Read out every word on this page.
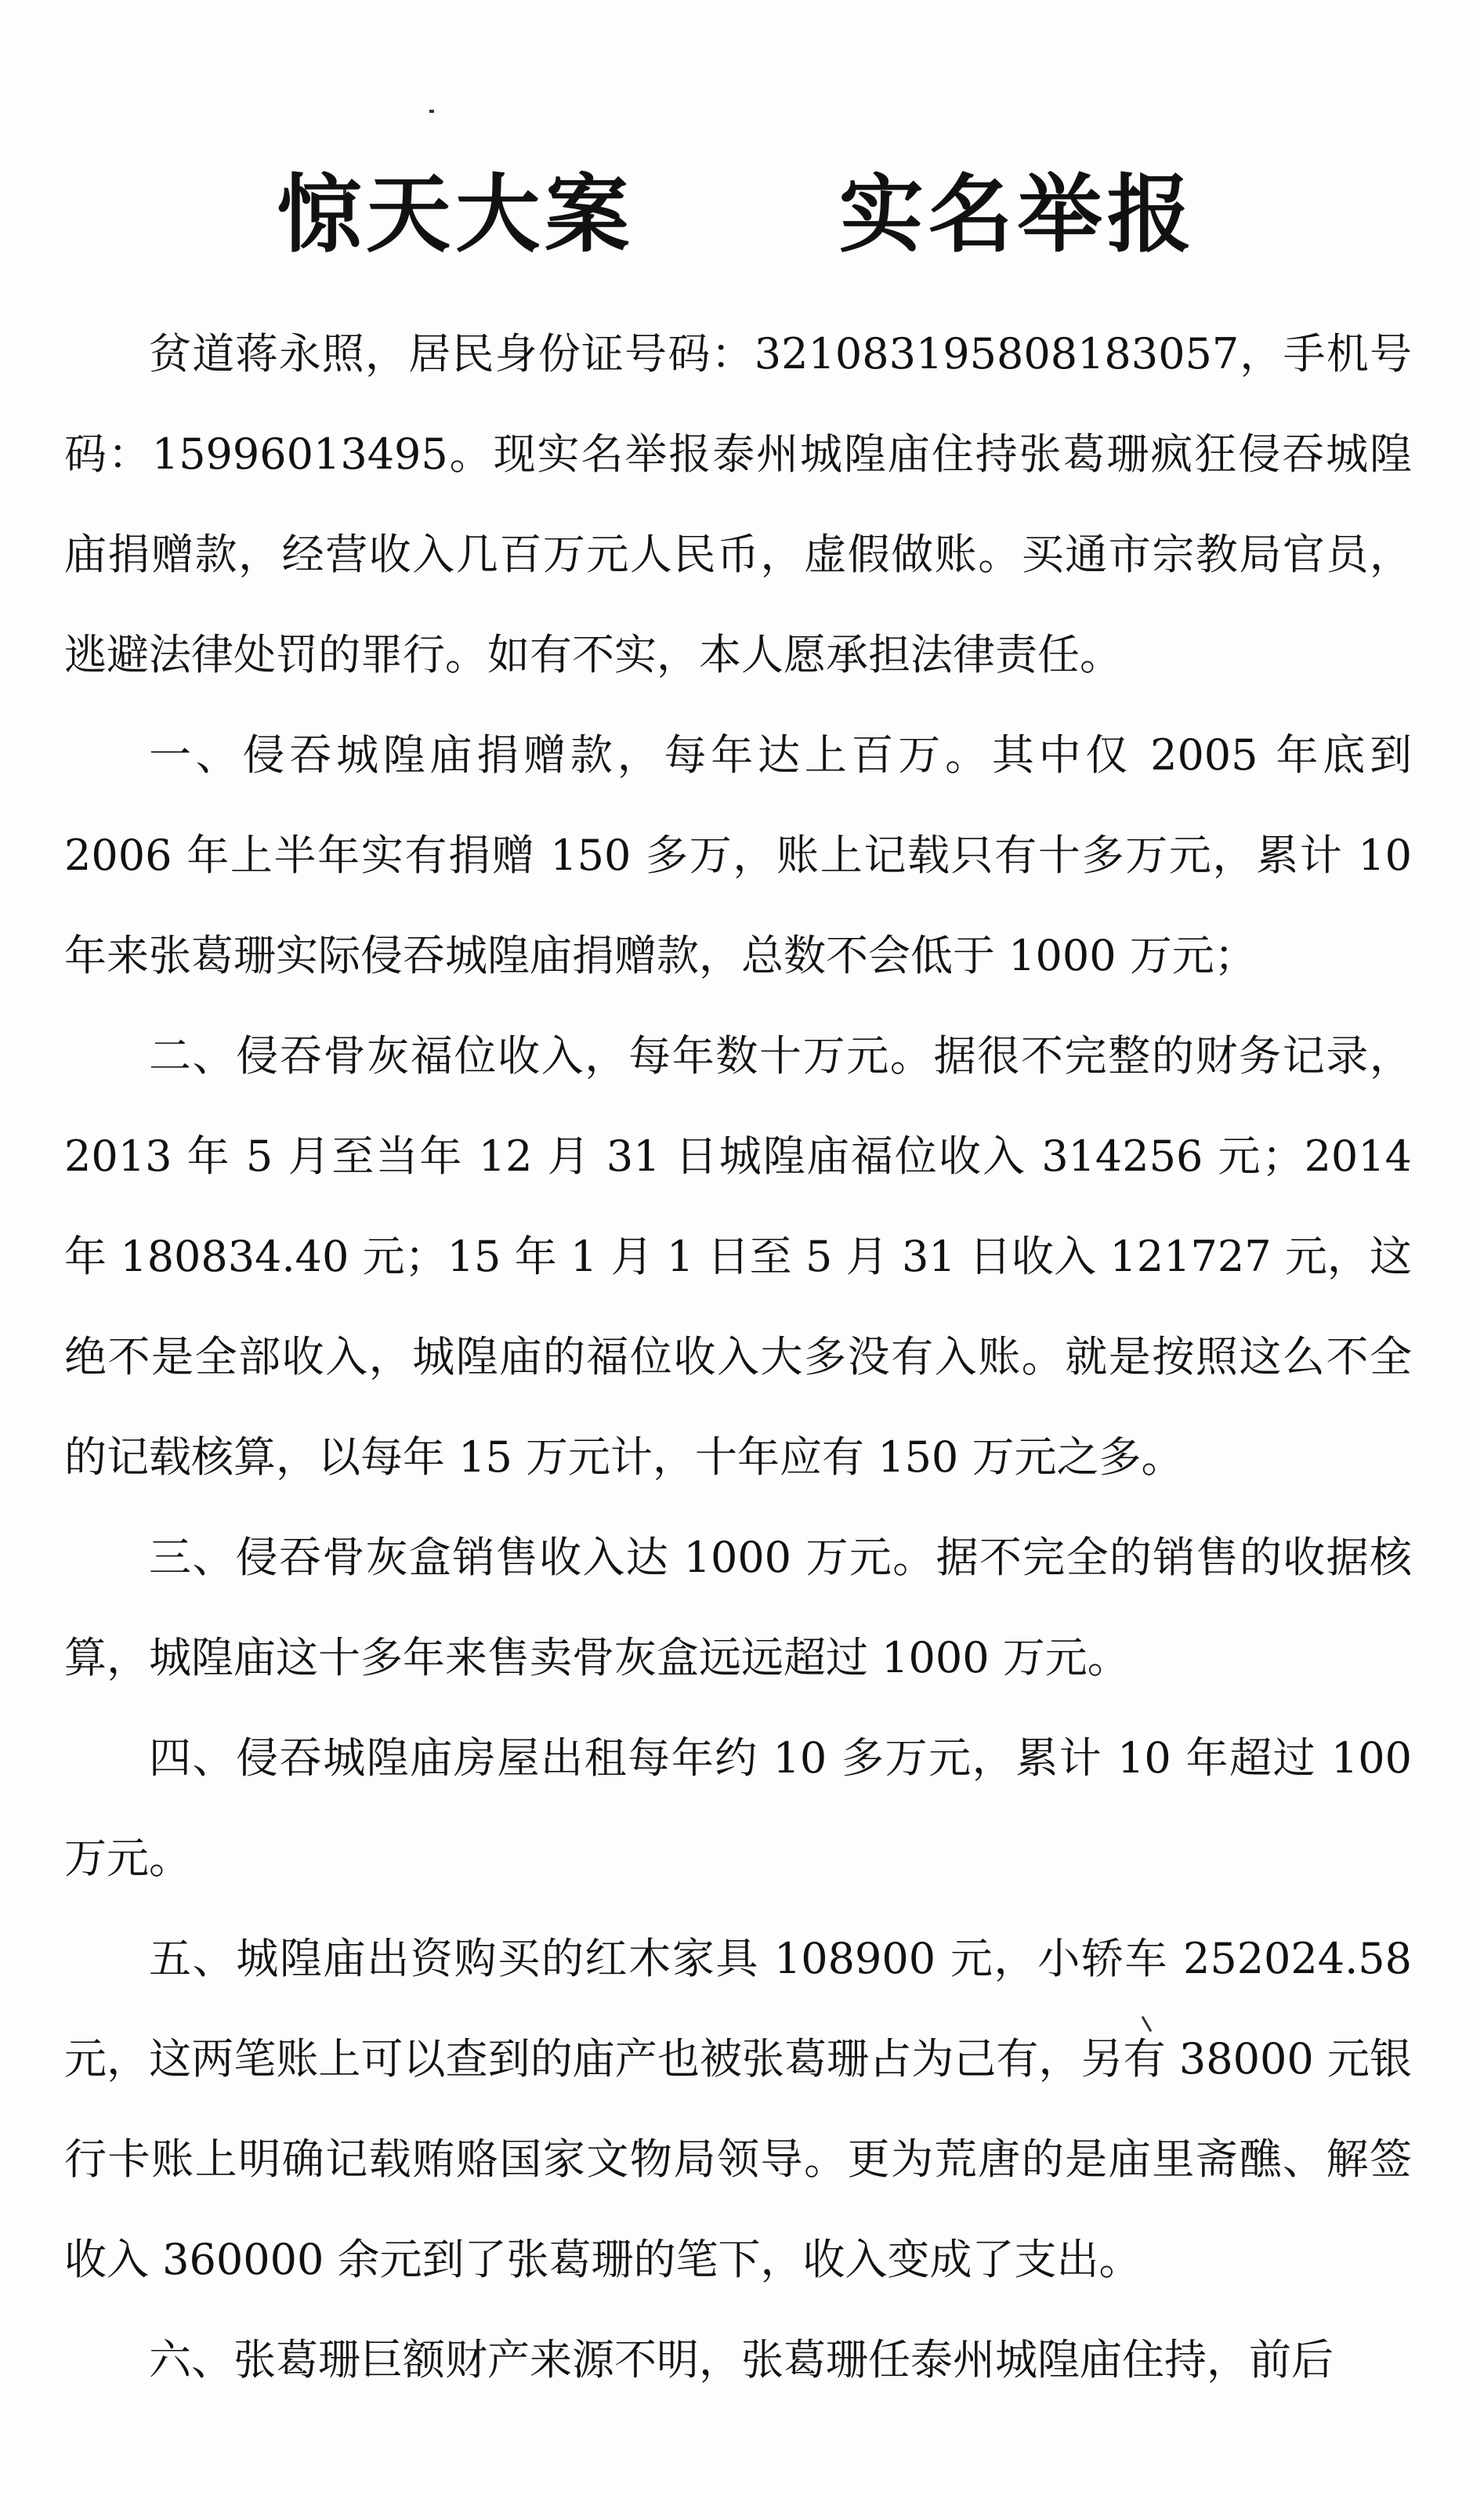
惊天大案      实名举报

贫道蒋永照，居民身份证号码：321083195808183057，手机号码：15996013495。现实名举报泰州城隍庙住持张葛珊疯狂侵吞城隍庙捐赠款，经营收入几百万元人民币，虚假做账。买通市宗教局官员，逃避法律处罚的罪行。如有不实，本人愿承担法律责任。

一、侵吞城隍庙捐赠款，每年达上百万。其中仅 2005 年底到 2006 年上半年实有捐赠 150 多万，账上记载只有十多万元，累计 10 年来张葛珊实际侵吞城隍庙捐赠款，总数不会低于 1000 万元；

二、侵吞骨灰福位收入，每年数十万元。据很不完整的财务记录，2013 年 5 月至当年 12 月 31 日城隍庙福位收入 314256 元；2014 年 180834.40 元；15 年 1 月 1 日至 5 月 31 日收入 121727 元，这绝不是全部收入，城隍庙的福位收入大多没有入账。就是按照这么不全的记载核算，以每年 15 万元计，十年应有 150 万元之多。

三、侵吞骨灰盒销售收入达 1000 万元。据不完全的销售的收据核算，城隍庙这十多年来售卖骨灰盒远远超过 1000 万元。

四、侵吞城隍庙房屋出租每年约 10 多万元，累计 10 年超过 100 万元。

五、城隍庙出资购买的红木家具 108900 元，小轿车 252024.58 元，这两笔账上可以查到的庙产也被张葛珊占为己有，另有 38000 元银行卡账上明确记载贿赂国家文物局领导。更为荒唐的是庙里斋醮、解签收入 360000 余元到了张葛珊的笔下，收入变成了支出。

六、张葛珊巨额财产来源不明，张葛珊任泰州城隍庙住持，前后
